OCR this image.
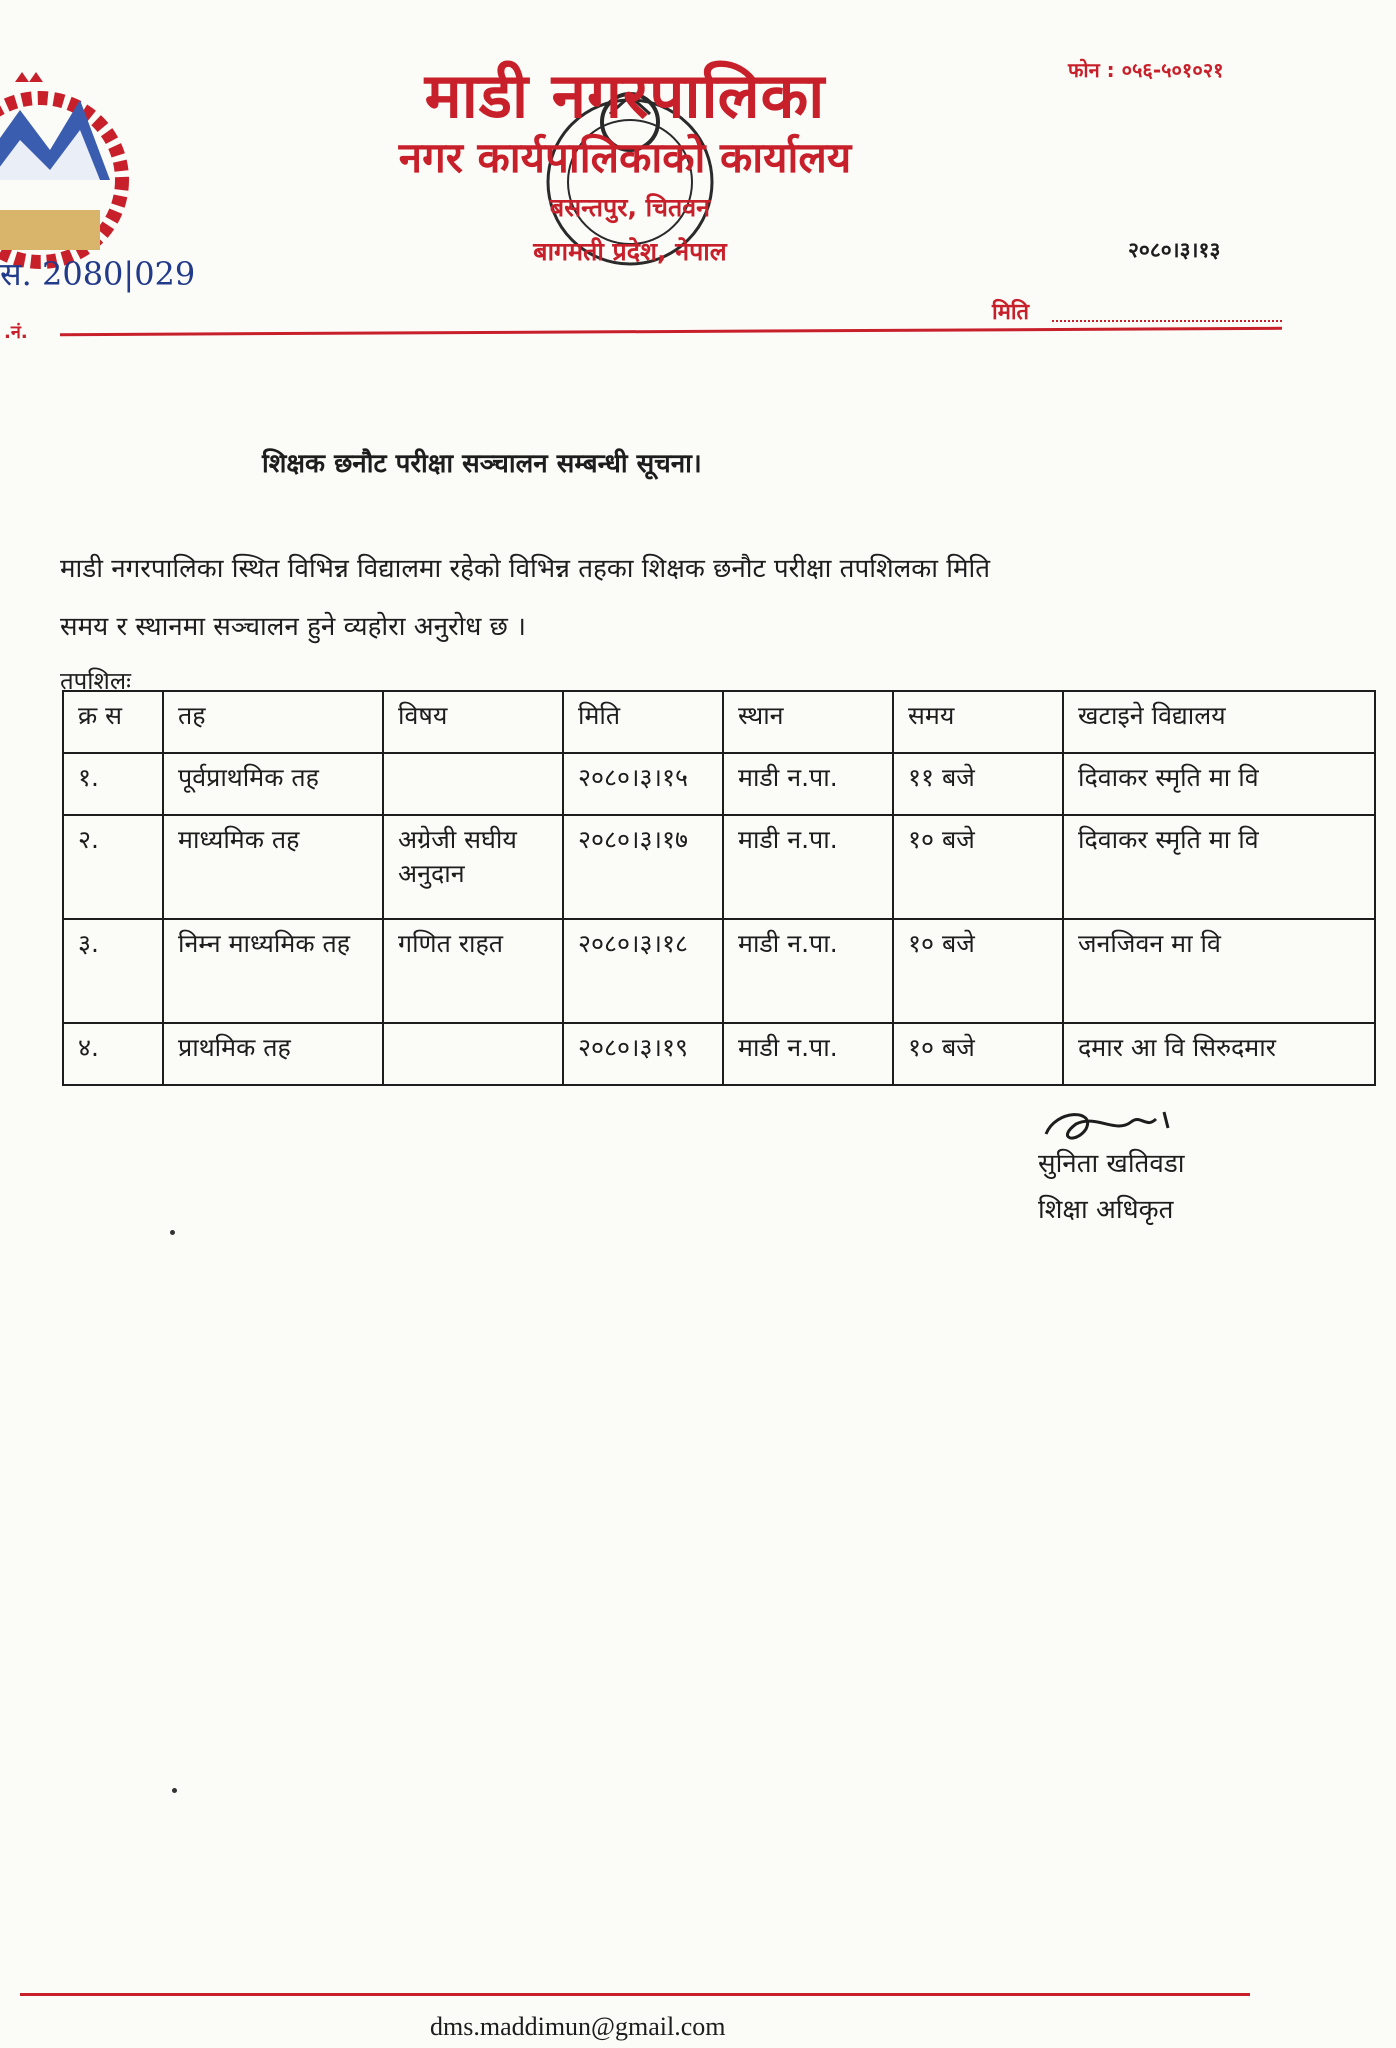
माडी नगरपालिका
नगर कार्यपालिकाको कार्यालय
बसन्तपुर, चितवन
बागमती प्रदेश, नेपाल
फोन : ०५६-५०१०२१
२०८०।३।१३
मिति
स. 2080|029
.नं.
शिक्षक छनौट परीक्षा सञ्चालन सम्बन्धी सूचना।
माडी नगरपालिका स्थित विभिन्न विद्यालमा रहेको विभिन्न तहका शिक्षक छनौट परीक्षा तपशिलका मिति
समय र स्थानमा सञ्चालन हुने व्यहोरा अनुरोध छ ।
तपशिलः
क्र स	तह	विषय	मिति	स्थान	समय	खटाइने विद्यालय
१.	पूर्वप्राथमिक तह		२०८०।३।१५	माडी न.पा.	११ बजे	दिवाकर स्मृति मा वि
२.	माध्यमिक तह	अग्रेजी सघीय अनुदान	२०८०।३।१७	माडी न.पा.	१० बजे	दिवाकर स्मृति मा वि
३.	निम्न माध्यमिक तह	गणित राहत	२०८०।३।१८	माडी न.पा.	१० बजे	जनजिवन मा वि
४.	प्राथमिक तह		२०८०।३।१९	माडी न.पा.	१० बजे	दमार आ वि सिरुदमार
सुनिता खतिवडा
शिक्षा अधिकृत
dms.maddimun@gmail.com
